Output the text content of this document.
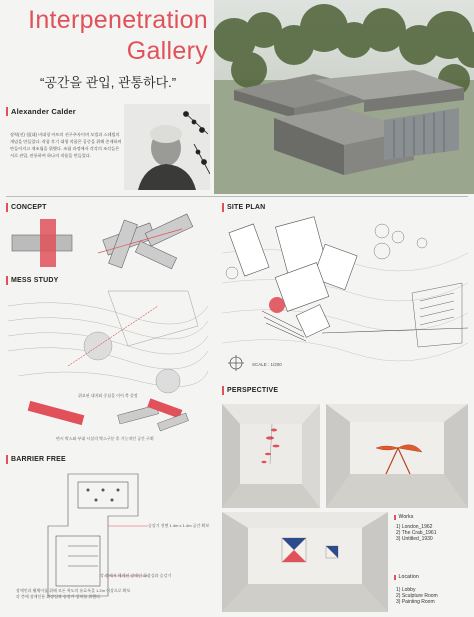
Interpenetration
Gallery
“공간을 관입, 관통하다.”
Alexander Calder
장력(선) 힘(대) 비대칭 아트의 선구주자이며 모빌과 스테빌의 개념을 만들었다. 작품 후기 대형 작품은 공중을 위해 존재하며 만들어지고 재조립을 위했다. 조립 과정에서 각각의 조각들은 서로 관입, 관통하여 하나의 작품을 만들었다.
CONCEPT
MESS STUDY
위요된 대지와 중심을 이어 축 설정
면시 박스와 부대 시설의 박스구분 후 기능적인 공간 구획
BARRIER FREE
승강기 전면 1.4m x 1.4m 공간 확보
각 층에서 체계된 장애인 화장실과 승강기
장애인과 휠체어를 위해 모든 복도의 유효폭을 1.2m 이상으로 확보
각 층에 장애인용 화장실과 승강기 설치를 위했다.
SITE PLAN
SCALE : 1/200
PERSPECTIVE
Works
1) London_1962
2) The Crab_1961
3) Untitled_1930
Location
1) Lobby
2) Sculpture Room
3) Painting Room
